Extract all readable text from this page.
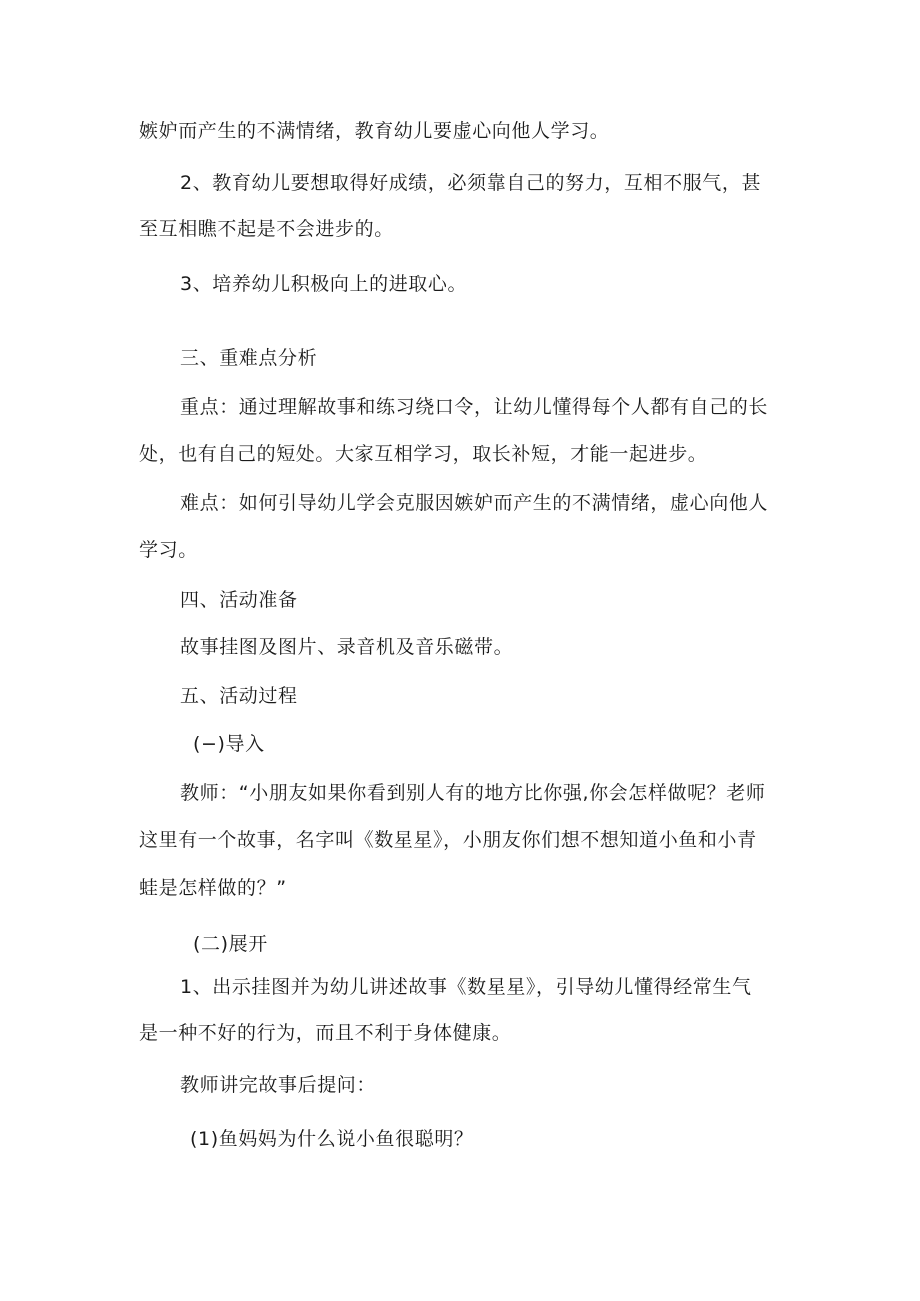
嫉妒而产生的不满情绪，教育幼儿要虚心向他人学习。
2、教育幼儿要想取得好成绩，必须靠自己的努力，互相不服气，甚
至互相瞧不起是不会进步的。
3、培养幼儿积极向上的进取心。
三、重难点分析
重点：通过理解故事和练习绕口令，让幼儿懂得每个人都有自己的长
处，也有自己的短处。大家互相学习，取长补短，才能一起进步。
难点：如何引导幼儿学会克服因嫉妒而产生的不满情绪，虚心向他人
学习。
四、活动准备
故事挂图及图片、录音机及音乐磁带。
五、活动过程
(−)导入
教师：“小朋友如果你看到别人有的地方比你强,你会怎样做呢？老师
这里有一个故事，名字叫《数星星》，小朋友你们想不想知道小鱼和小青
蛙是怎样做的？”
(二)展开
1、出示挂图并为幼儿讲述故事《数星星》，引导幼儿懂得经常生气
是一种不好的行为，而且不利于身体健康。
教师讲完故事后提问：
(1)鱼妈妈为什么说小鱼很聪明？
